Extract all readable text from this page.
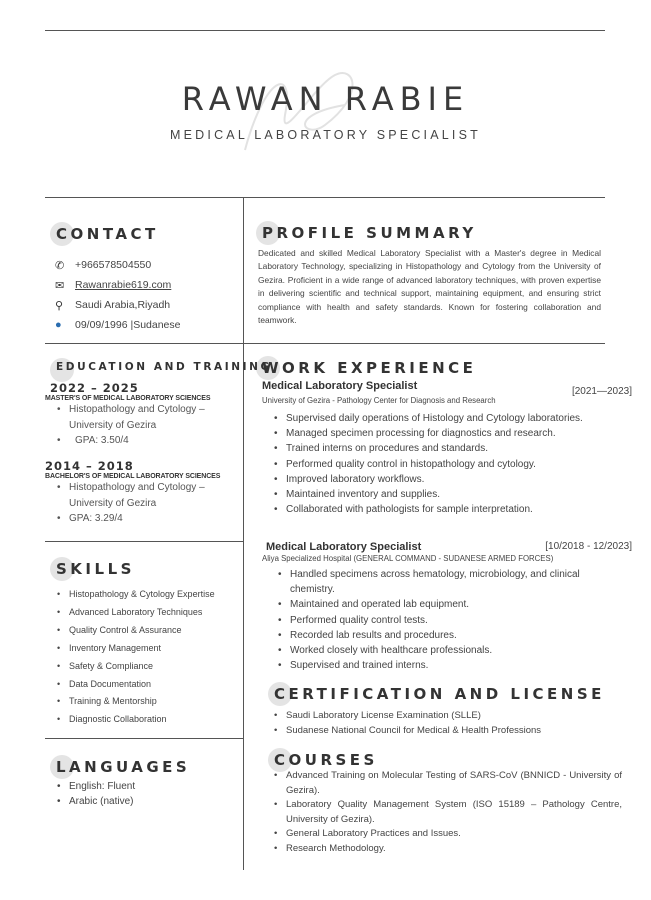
RAWAN RABIE
MEDICAL LABORATORY SPECIALIST
CONTACT
✆	+966578504550
✉	Rawanrabie619.com
⚲	Saudi Arabia,Riyadh
●	09/09/1996 |Sudanese
EDUCATION AND TRAINING
2022 – 2025
MASTER'S OF MEDICAL LABORATORY SCIENCES
• Histopathology and Cytology – University of Gezira
• GPA: 3.50/4
2014 – 2018
BACHELOR'S OF MEDICAL LABORATORY SCIENCES
• Histopathology and Cytology – University of Gezira
• GPA: 3.29/4
SKILLS
• Histopathology & Cytology Expertise
• Advanced Laboratory Techniques
• Quality Control & Assurance
• Inventory Management
• Safety & Compliance
• Data Documentation
• Training & Mentorship
• Diagnostic Collaboration
LANGUAGES
• English: Fluent
• Arabic (native)
PROFILE SUMMARY
Dedicated and skilled Medical Laboratory Specialist with a Master's degree in Medical Laboratory Technology, specializing in Histopathology and Cytology from the University of Gezira. Proficient in a wide range of advanced laboratory techniques, with proven expertise in delivering scientific and technical support, maintaining equipment, and ensuring strict compliance with health and safety standards. Known for fostering collaboration and teamwork.
WORK EXPERIENCE
Medical Laboratory Specialist	[2021—2023]
University of Gezira - Pathology Center for Diagnosis and Research
• Supervised daily operations of Histology and Cytology laboratories.
• Managed specimen processing for diagnostics and research.
• Trained interns on procedures and standards.
• Performed quality control in histopathology and cytology.
• Improved laboratory workflows.
• Maintained inventory and supplies.
• Collaborated with pathologists for sample interpretation.
Medical Laboratory Specialist	[10/2018 - 12/2023]
Aliya Specialized Hospital (GENERAL COMMAND - SUDANESE ARMED FORCES)
• Handled specimens across hematology, microbiology, and clinical chemistry.
• Maintained and operated lab equipment.
• Performed quality control tests.
• Recorded lab results and procedures.
• Worked closely with healthcare professionals.
• Supervised and trained interns.
CERTIFICATION AND LICENSE
• Saudi Laboratory License Examination (SLLE)
• Sudanese National Council for Medical & Health Professions
COURSES
• Advanced Training on Molecular Testing of SARS-CoV (BNNICD - University of Gezira).
• Laboratory Quality Management System (ISO 15189 – Pathology Centre, University of Gezira).
• General Laboratory Practices and Issues.
• Research Methodology.
